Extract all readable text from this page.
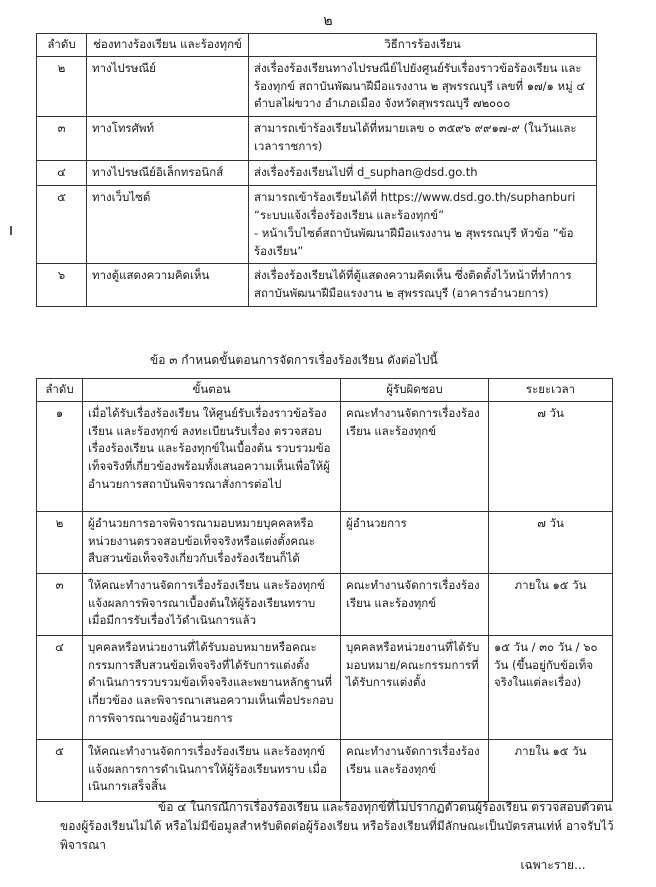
๒
ลำดับ	ช่องทางร้องเรียน และร้องทุกข์	วิธีการร้องเรียน
๒	ทางไปรษณีย์	ส่งเรื่องร้องเรียนทางไปรษณีย์ไปยังศูนย์รับเรื่องราวข้อร้องเรียน และร้องทุกข์ สถาบันพัฒนาฝีมือแรงงาน ๒ สุพรรณบุรี เลขที่ ๑๗/๑ หมู่ ๔ ตำบลไผ่ขวาง อำเภอเมือง จังหวัดสุพรรณบุรี ๗๒๐๐๐
๓	ทางโทรศัพท์	สามารถเข้าร้องเรียนได้ที่หมายเลข ๐ ๓๕๙๖ ๙๙๑๗-๙ (ในวันและเวลาราชการ)
๔	ทางไปรษณีย์อิเล็กทรอนิกส์	ส่งเรื่องร้องเรียนไปที่ d_suphan@dsd.go.th
๕	ทางเว็บไซต์	สามารถเข้าร้องเรียนได้ที่ https://www.dsd.go.th/suphanburi
“ระบบแจ้งเรื่องร้องเรียน และร้องทุกข์”
- หน้าเว็บไซต์สถาบันพัฒนาฝีมือแรงงาน ๒ สุพรรณบุรี หัวข้อ “ข้อร้องเรียน”

๖	ทางตู้แสดงความคิดเห็น	ส่งเรื่องร้องเรียนได้ที่ตู้แสดงความคิดเห็น ซึ่งติดตั้งไว้หน้าที่ทำการสถาบันพัฒนาฝีมือแรงงาน ๒ สุพรรณบุรี (อาคารอำนวยการ)
ข้อ ๓ กำหนดขั้นตอนการจัดการเรื่องร้องเรียน ดังต่อไปนี้
ลำดับ	ขั้นตอน	ผู้รับผิดชอบ	ระยะเวลา
๑	เมื่อได้รับเรื่องร้องเรียน ให้ศูนย์รับเรื่องราวข้อร้องเรียน และร้องทุกข์ ลงทะเบียนรับเรื่อง ตรวจสอบเรื่องร้องเรียน และร้องทุกข์ในเบื้องต้น รวบรวมข้อเท็จจริงที่เกี่ยวข้องพร้อมทั้งเสนอความเห็นเพื่อให้ผู้อำนวยการสถาบันพิจารณาสั่งการต่อไป	คณะทำงานจัดการเรื่องร้องเรียน และร้องทุกข์	๗ วัน
๒	ผู้อำนวยการอาจพิจารณามอบหมายบุคคลหรือหน่วยงานตรวจสอบข้อเท็จจริงหรือแต่งตั้งคณะสืบสวนข้อเท็จจริงเกี่ยวกับเรื่องร้องเรียนก็ได้	ผู้อำนวยการ	๗ วัน
๓	ให้คณะทำงานจัดการเรื่องร้องเรียน และร้องทุกข์แจ้งผลการพิจารณาเบื้องต้นให้ผู้ร้องเรียนทราบ เมื่อมีการรับเรื่องไว้ดำเนินการแล้ว	คณะทำงานจัดการเรื่องร้องเรียน และร้องทุกข์	ภายใน ๑๕ วัน
๔	บุคคลหรือหน่วยงานที่ได้รับมอบหมายหรือคณะกรรมการสืบสวนข้อเท็จจริงที่ได้รับการแต่งตั้งดำเนินการรวบรวมข้อเท็จจริงและพยานหลักฐานที่เกี่ยวข้อง และพิจารณาเสนอความเห็นเพื่อประกอบการพิจารณาของผู้อำนวยการ	บุคคลหรือหน่วยงานที่ได้รับมอบหมาย/คณะกรรมการที่ได้รับการแต่งตั้ง	๑๕ วัน / ๓๐ วัน / ๖๐ วัน (ขึ้นอยู่กับข้อเท็จจริงในแต่ละเรื่อง)
๕	ให้คณะทำงานจัดการเรื่องร้องเรียน และร้องทุกข์แจ้งผลการการดำเนินการให้ผู้ร้องเรียนทราบ เมื่อเนินการเสร็จสิ้น	คณะทำงานจัดการเรื่องร้องเรียน และร้องทุกข์	ภายใน ๑๕ วัน
ข้อ ๔ ในกรณีการเรื่องร้องเรียน และร้องทุกข์ที่ไม่ปรากฏตัวตนผู้ร้องเรียน ตรวจสอบตัวตนของผู้ร้องเรียนไม่ได้ หรือไม่มีข้อมูลสำหรับติดต่อผู้ร้องเรียน หรือร้องเรียนที่มีลักษณะเป็นบัตรสนเท่ห์ อาจรับไว้พิจารณา
เฉพาะราย...
